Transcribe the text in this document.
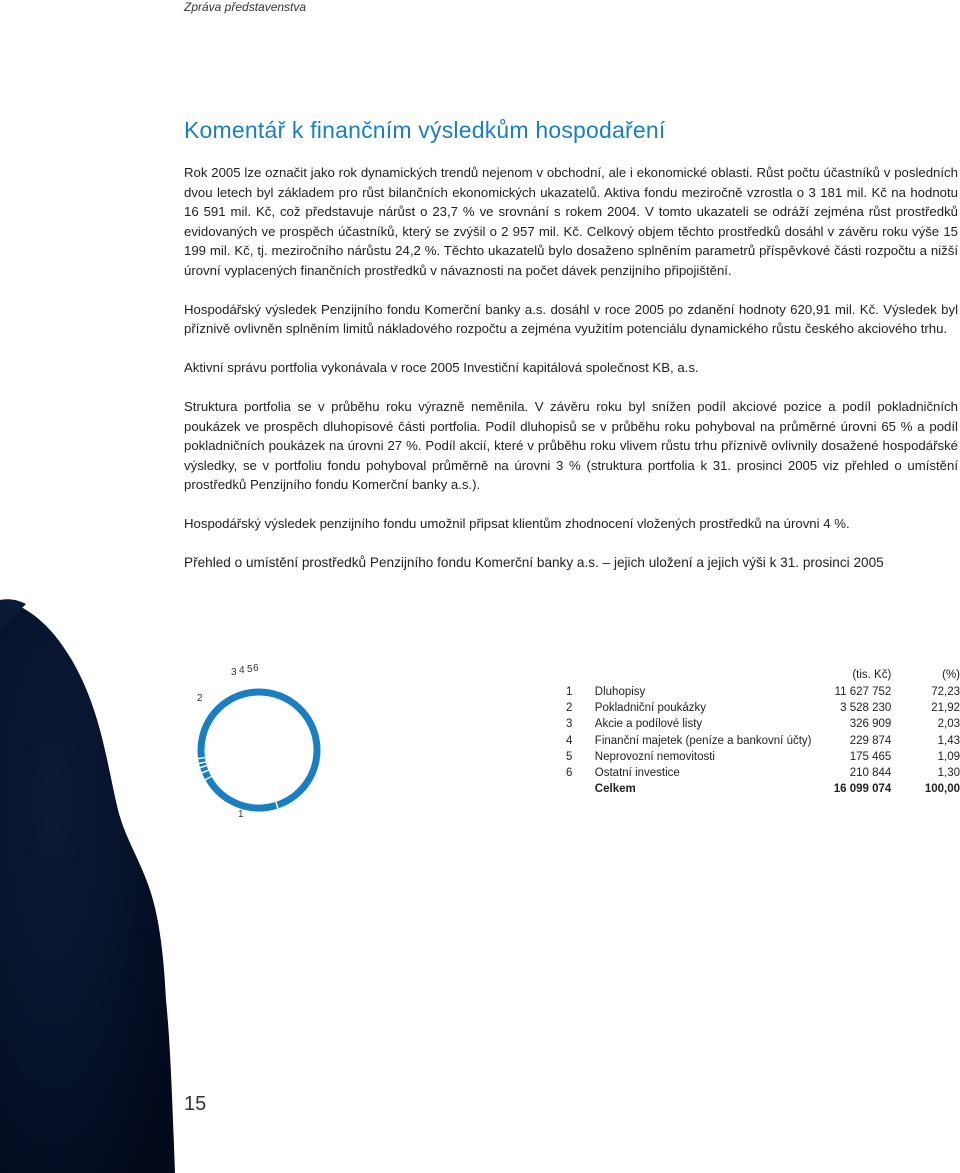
Zpráva představenstva
Komentář k finančním výsledkům hospodaření

Rok 2005 lze označit jako rok dynamických trendů nejenom v obchodní, ale i ekonomické oblasti. Růst počtu účastníků v posledních dvou letech byl základem pro růst bilančních ekonomických ukazatelů. Aktiva fondu meziročně vzrostla o 3 181 mil. Kč na hodnotu 16 591 mil. Kč, což představuje nárůst o 23,7 % ve srovnání s rokem 2004. V tomto ukazateli se odráží zejména růst prostředků evidovaných ve prospěch účastníků, který se zvýšil o 2 957 mil. Kč. Celkový objem těchto prostředků dosáhl v závěru roku výše 15 199 mil. Kč, tj. meziročního nárůstu 24,2 %. Těchto ukazatelů bylo dosaženo splněním parametrů příspěvkové části rozpočtu a nižší úrovní vyplacených finančních prostředků v návaznosti na počet dávek penzijního připojištění.

Hospodářský výsledek Penzijního fondu Komerční banky a.s. dosáhl v roce 2005 po zdanění hodnoty 620,91 mil. Kč. Výsledek byl příznivě ovlivněn splněním limitů nákladového rozpočtu a zejména využitím potenciálu dynamického růstu českého akciového trhu.

Aktivní správu portfolia vykonávala v roce 2005 Investiční kapitálová společnost KB, a.s.

Struktura portfolia se v průběhu roku výrazně neměnila. V závěru roku byl snížen podíl akciové pozice a podíl pokladničních poukázek ve prospěch dluhopisové části portfolia. Podíl dluhopisů se v průběhu roku pohyboval na průměrné úrovni 65 % a podíl pokladničních poukázek na úrovni 27 %. Podíl akcií, které v průběhu roku vlivem růstu trhu příznivě ovlivnily dosažené hospodářské výsledky, se v portfoliu fondu pohyboval průměrně na úrovni 3 % (struktura portfolia k 31. prosinci 2005 viz přehled o umístění prostředků Penzijního fondu Komerční banky a.s.).

Hospodářský výsledek penzijního fondu umožnil připsat klientům zhodnocení vložených prostředků na úrovni 4 %.

Přehled o umístění prostředků Penzijního fondu Komerční banky a.s. – jejich uložení a jejich výši k 31. prosinci 2005

2
3 4 5 6
1
		(tis. Kč)	(%)
1	Dluhopisy	11 627 752	72,23
2	Pokladniční poukázky	3 528 230	21,92
3	Akcie a podílové listy	326 909	2,03
4	Finanční majetek (peníze a bankovní účty)	229 874	1,43
5	Neprovozní nemovitosti	175 465	1,09
6	Ostatní investice	210 844	1,30
	Celkem	16 099 074	100,00
15
